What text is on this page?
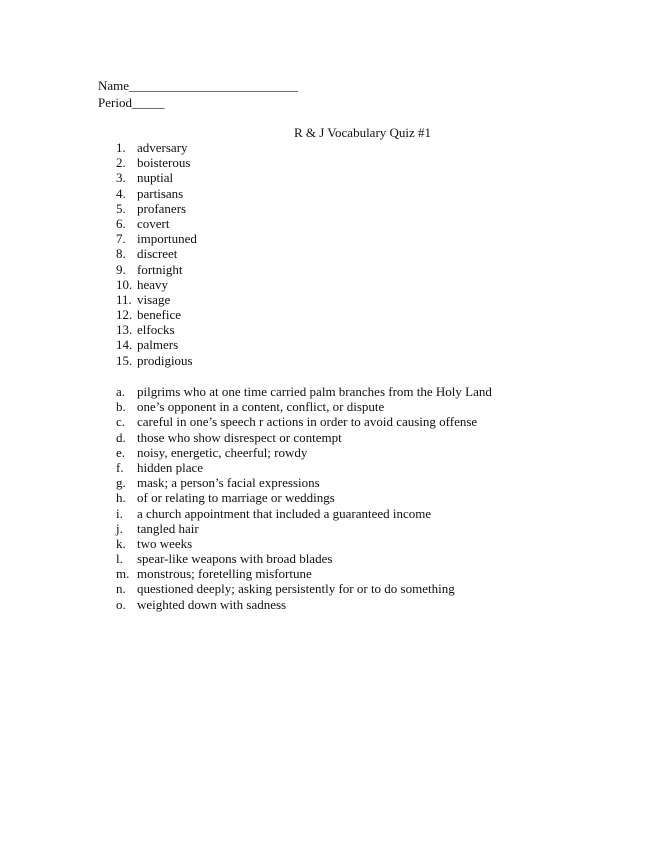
Name__________________________
Period_____
R & J Vocabulary Quiz #1
1. adversary
2. boisterous
3. nuptial
4. partisans
5. profaners
6. covert
7. importuned
8. discreet
9. fortnight
10. heavy
11. visage
12. benefice
13. elfocks
14. palmers
15. prodigious
a. pilgrims who at one time carried palm branches from the Holy Land
b. one’s opponent in a content, conflict, or dispute
c. careful in one’s speech r actions in order to avoid causing offense
d. those who show disrespect or contempt
e. noisy, energetic, cheerful; rowdy
f.	hidden place
g. mask; a person’s facial expressions
h. of or relating to marriage or weddings
i.	a church appointment that included a guaranteed income
j.	tangled hair
k. two weeks
l.	spear-like weapons with broad blades
m. monstrous; foretelling misfortune
n. questioned deeply; asking persistently for or to do something
o. weighted down with sadness
